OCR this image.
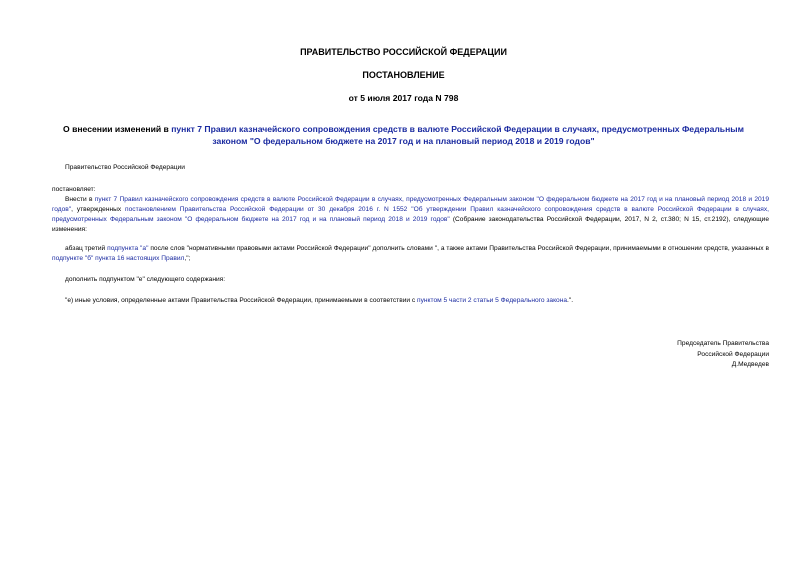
ПРАВИТЕЛЬСТВО РОССИЙСКОЙ ФЕДЕРАЦИИ
ПОСТАНОВЛЕНИЕ
от 5 июля 2017 года N 798
О внесении изменений в пункт 7 Правил казначейского сопровождения средств в валюте Российской Федерации в случаях, предусмотренных Федеральным законом "О федеральном бюджете на 2017 год и на плановый период 2018 и 2019 годов"
Правительство Российской Федерации
постановляет:
Внести в пункт 7 Правил казначейского сопровождения средств в валюте Российской Федерации в случаях, предусмотренных Федеральным законом "О федеральном бюджете на 2017 год и на плановый период 2018 и 2019 годов", утвержденных постановлением Правительства Российской Федерации от 30 декабря 2016 г. N 1552 "Об утверждении Правил казначейского сопровождения средств в валюте Российской Федерации в случаях, предусмотренных Федеральным законом "О федеральном бюджете на 2017 год и на плановый период 2018 и 2019 годов" (Собрание законодательства Российской Федерации, 2017, N 2, ст.380; N 15, ст.2192), следующие изменения:
абзац третий подпункта "а" после слов "нормативными правовыми актами Российской Федерации" дополнить словами ", а также актами Правительства Российской Федерации, принимаемыми в отношении средств, указанных в подпункте "б" пункта 16 настоящих Правил,";
дополнить подпунктом "е" следующего содержания:
"е) иные условия, определенные актами Правительства Российской Федерации, принимаемыми в соответствии с пунктом 5 части 2 статьи 5 Федерального закона.".
Председатель Правительства
Российской Федерации
Д.Медведев
